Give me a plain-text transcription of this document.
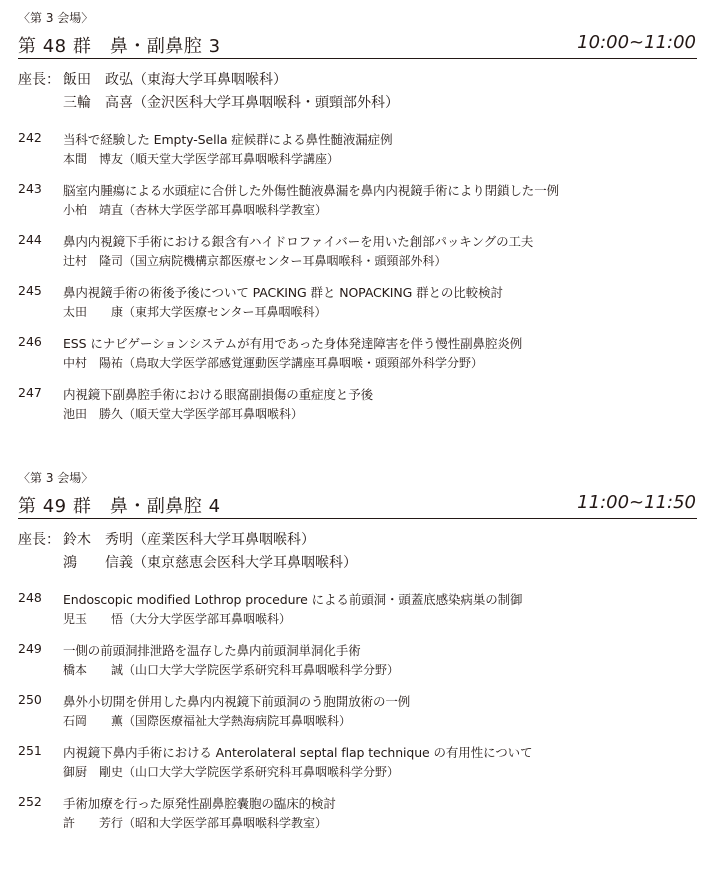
〈第 3 会場〉
第 48 群　鼻・副鼻腔 3	10:00~11:00
座長： 飯田　政弘（東海大学耳鼻咽喉科）
三輪　高喜（金沢医科大学耳鼻咽喉科・頭頸部外科）
242 当科で経験した Empty-Sella 症候群による鼻性髄液漏症例
本間　博友（順天堂大学医学部耳鼻咽喉科学講座）
243 脳室内腫瘍による水頭症に合併した外傷性髄液鼻漏を鼻内内視鏡手術により閉鎖した一例
小柏　靖直（杏林大学医学部耳鼻咽喉科学教室）
244 鼻内内視鏡下手術における銀含有ハイドロファイバーを用いた創部パッキングの工夫
辻村　隆司（国立病院機構京都医療センター耳鼻咽喉科・頭頸部外科）
245 鼻内視鏡手術の術後予後について PACKING 群と NOPACKING 群との比較検討
太田　　康（東邦大学医療センター耳鼻咽喉科）
246 ESS にナビゲーションシステムが有用であった身体発達障害を伴う慢性副鼻腔炎例
中村　陽祐（鳥取大学医学部感覚運動医学講座耳鼻咽喉・頭頸部外科学分野）
247 内視鏡下副鼻腔手術における眼窩副損傷の重症度と予後
池田　勝久（順天堂大学医学部耳鼻咽喉科）
〈第 3 会場〉
第 49 群　鼻・副鼻腔 4	11:00~11:50
座長： 鈴木　秀明（産業医科大学耳鼻咽喉科）
鴻　　信義（東京慈恵会医科大学耳鼻咽喉科）
248 Endoscopic modified Lothrop procedure による前頭洞・頭蓋底感染病巣の制御
児玉　　悟（大分大学医学部耳鼻咽喉科）
249 一側の前頭洞排泄路を温存した鼻内前頭洞単洞化手術
橋本　　誠（山口大学大学院医学系研究科耳鼻咽喉科学分野）
250 鼻外小切開を併用した鼻内内視鏡下前頭洞のう胞開放術の一例
石岡　　薫（国際医療福祉大学熱海病院耳鼻咽喉科）
251 内視鏡下鼻内手術における Anterolateral septal flap technique の有用性について
御厨　剛史（山口大学大学院医学系研究科耳鼻咽喉科学分野）
252 手術加療を行った原発性副鼻腔嚢胞の臨床的検討
許　　芳行（昭和大学医学部耳鼻咽喉科学教室）
